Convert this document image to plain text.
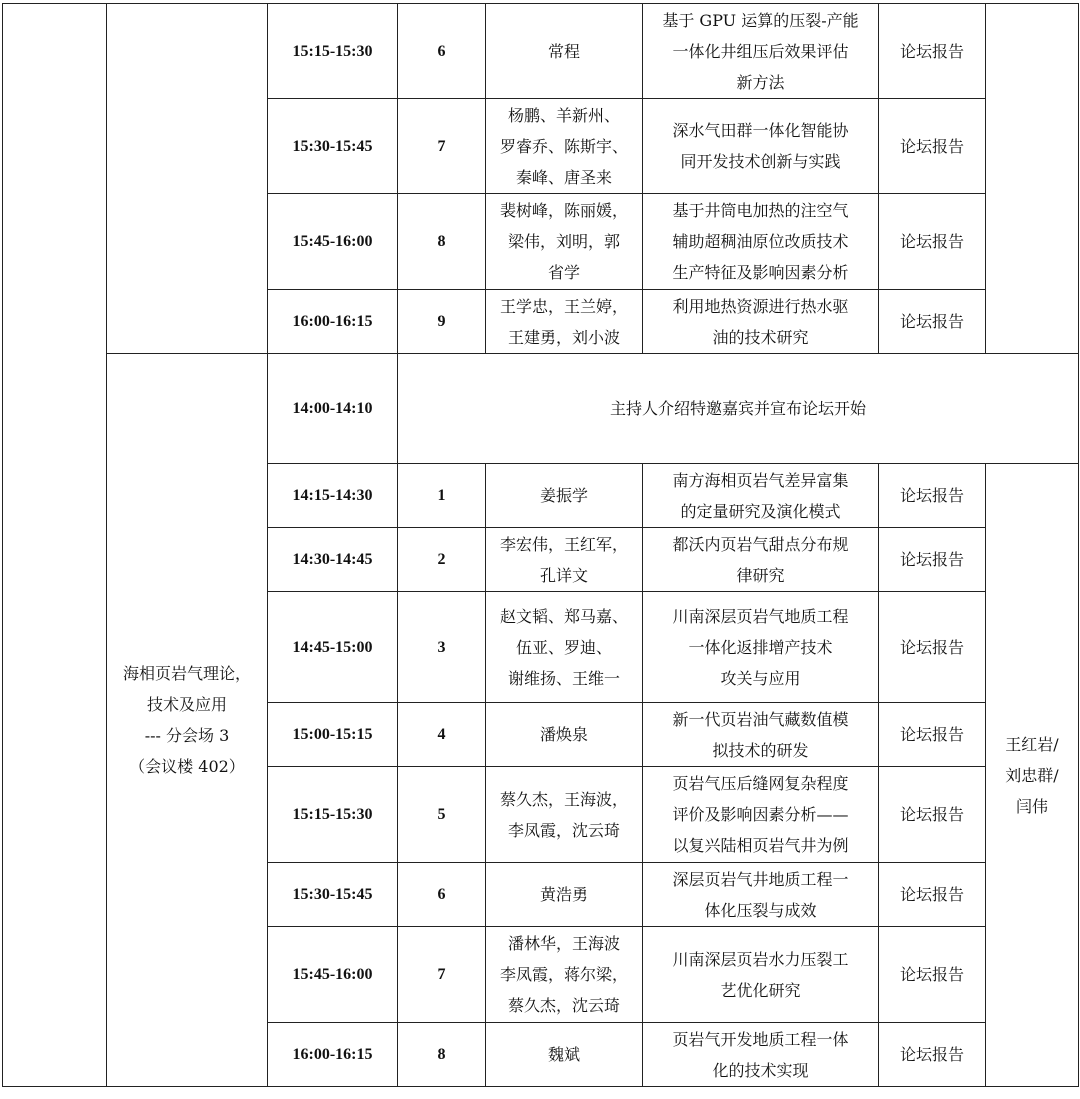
		15:15-15:30	6	常程	基于 GPU 运算的压裂-产能
一体化井组压后效果评估
新方法	论坛报告	
		15:30-15:45	7	杨鹏、羊新州、
罗睿乔、陈斯宇、
秦峰、唐圣来	深水气田群一体化智能协
同开发技术创新与实践	论坛报告	
		15:45-16:00	8	裴树峰，陈丽媛，
梁伟，刘明，郭
省学	基于井筒电加热的注空气
辅助超稠油原位改质技术
生产特征及影响因素分析	论坛报告	
		16:00-16:15	9	王学忠，王兰婷，
王建勇，刘小波	利用地热资源进行热水驱
油的技术研究	论坛报告	

	海相页岩气理论，
技术及应用
--- 分会场 3
（会议楼 402）	14:00-14:10	主持人介绍特邀嘉宾并宣布论坛开始				
		14:15-14:30	1	姜振学	南方海相页岩气差异富集
的定量研究及演化模式	论坛报告	王红岩/
刘忠群/
闫伟

		14:30-14:45	2	李宏伟，王红军，
孔详文	都沃内页岩气甜点分布规
律研究	论坛报告	
		14:45-15:00	3	赵文韬、郑马嘉、
伍亚、罗迪、
谢维扬、王维一	川南深层页岩气地质工程
一体化返排增产技术
攻关与应用	论坛报告	
		15:00-15:15	4	潘焕泉	新一代页岩油气藏数值模
拟技术的研发	论坛报告	
		15:15-15:30	5	蔡久杰，王海波，
李凤霞，沈云琦	页岩气压后缝网复杂程度
评价及影响因素分析——
以复兴陆相页岩气井为例	论坛报告	
		15:30-15:45	6	黄浩勇	深层页岩气井地质工程一
体化压裂与成效	论坛报告	
		15:45-16:00	7	潘林华，王海波
李凤霞，蒋尔梁，
蔡久杰，沈云琦	川南深层页岩水力压裂工
艺优化研究	论坛报告	
		16:00-16:15	8	魏斌	页岩气开发地质工程一体
化的技术实现	论坛报告	
